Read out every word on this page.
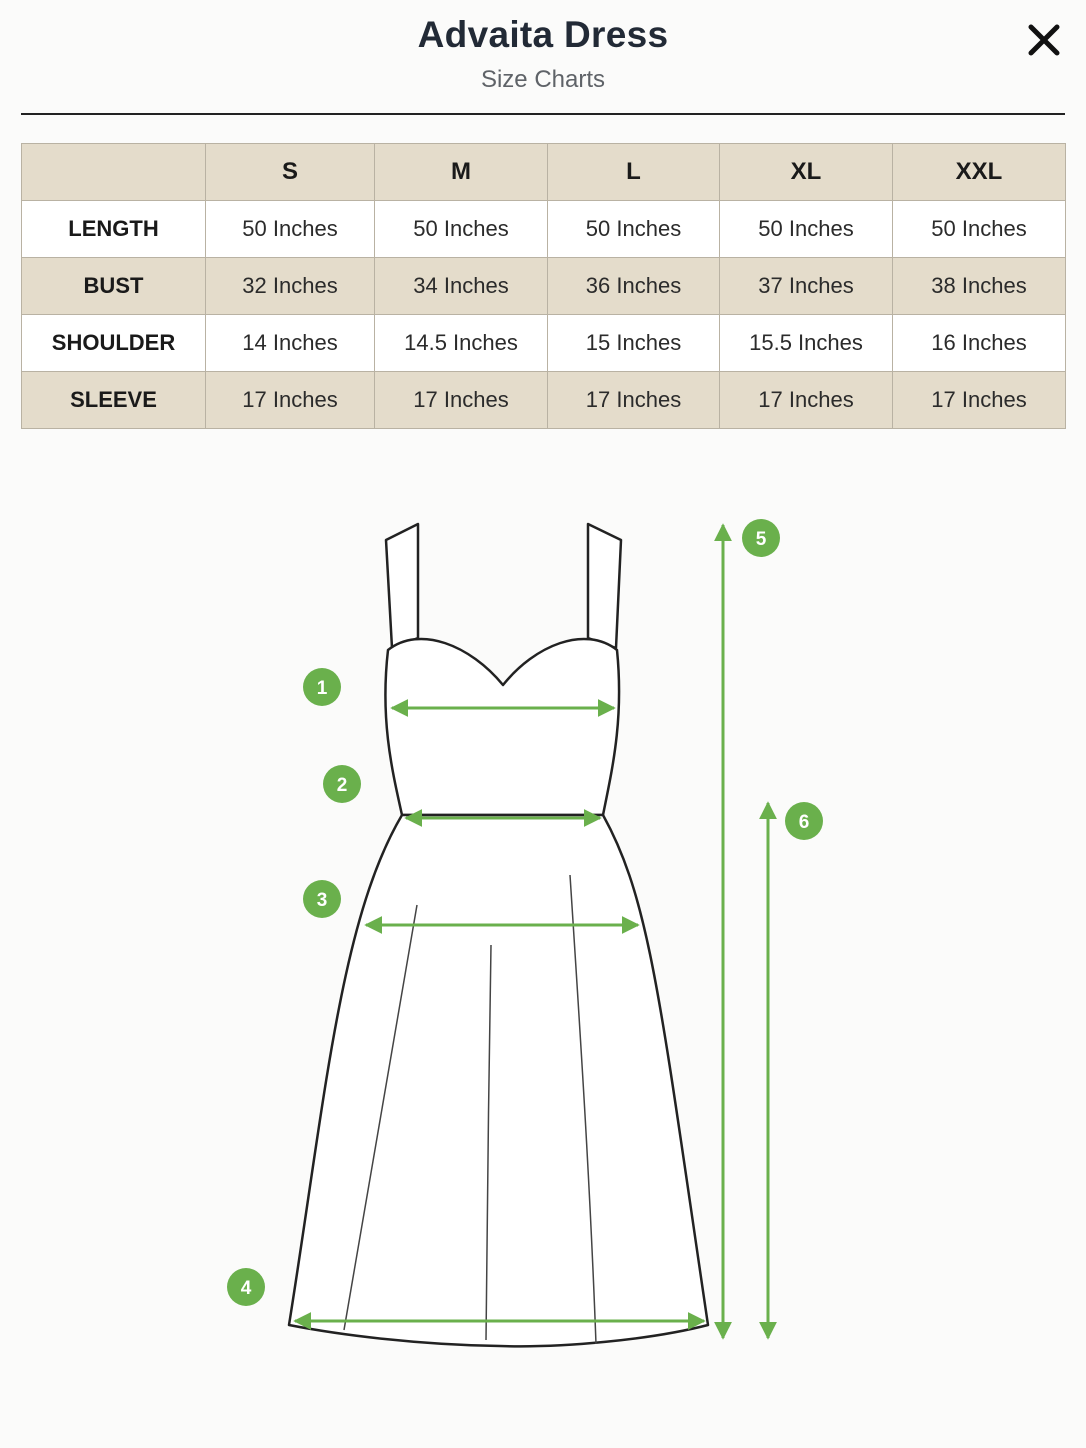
Advaita Dress
Size Charts
	S	M	L	XL	XXL
LENGTH	50 Inches	50 Inches	50 Inches	50 Inches	50 Inches
BUST	32 Inches	34 Inches	36 Inches	37 Inches	38 Inches
SHOULDER	14 Inches	14.5 Inches	15 Inches	15.5 Inches	16 Inches
SLEEVE	17 Inches	17 Inches	17 Inches	17 Inches	17 Inches
1
2
3
4
5
6
